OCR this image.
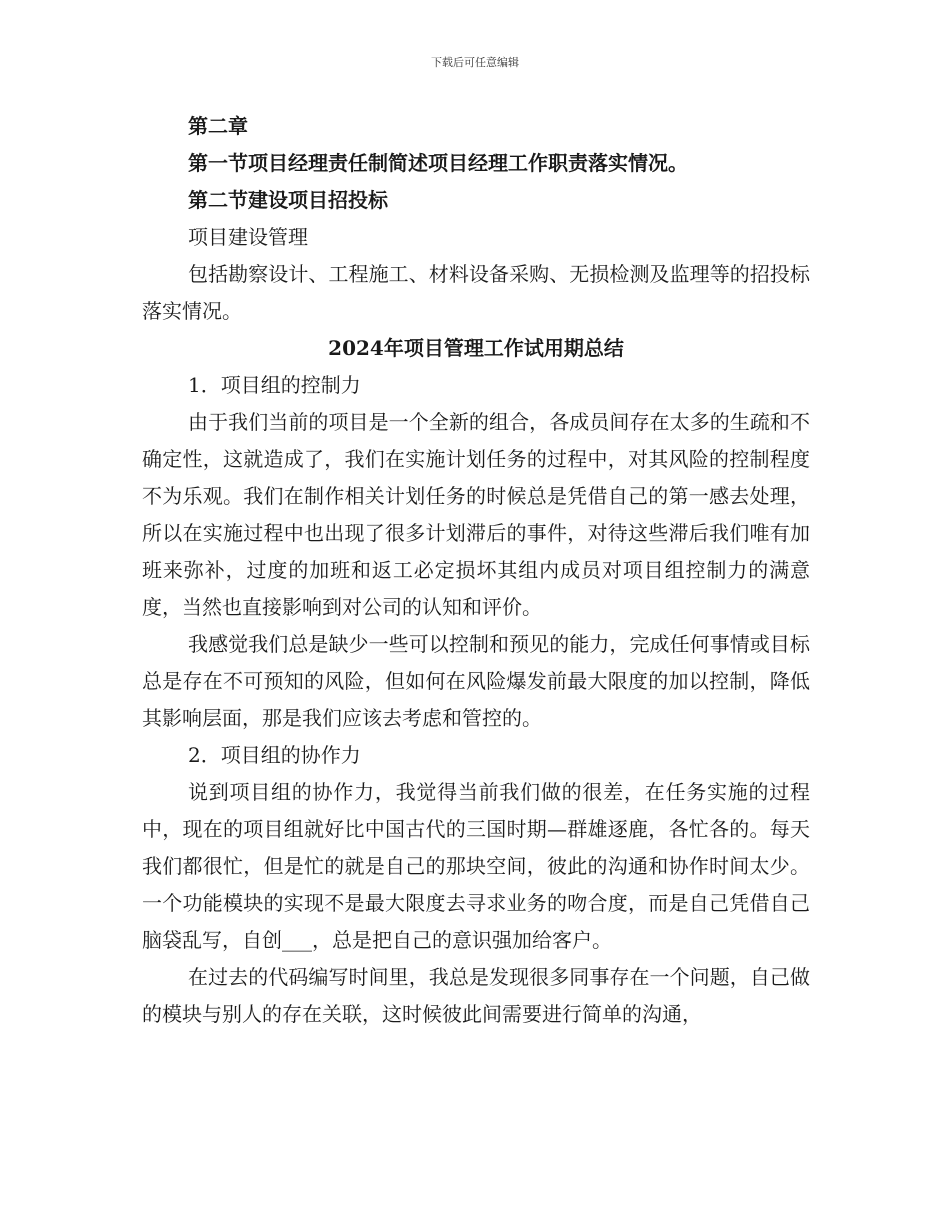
下载后可任意编辑

第二章

第一节项目经理责任制简述项目经理工作职责落实情况。

第二节建设项目招投标

项目建设管理

包括勘察设计、工程施工、材料设备采购、无损检测及监理等的招投标落实情况。

2024年项目管理工作试用期总结

1．项目组的控制力

由于我们当前的项目是一个全新的组合，各成员间存在太多的生疏和不确定性，这就造成了，我们在实施计划任务的过程中，对其风险的控制程度不为乐观。我们在制作相关计划任务的时候总是凭借自己的第一感去处理，所以在实施过程中也出现了很多计划滞后的事件，对待这些滞后我们唯有加班来弥补，过度的加班和返工必定损坏其组内成员对项目组控制力的满意度，当然也直接影响到对公司的认知和评价。

我感觉我们总是缺少一些可以控制和预见的能力，完成任何事情或目标总是存在不可预知的风险，但如何在风险爆发前最大限度的加以控制，降低其影响层面，那是我们应该去考虑和管控的。

2．项目组的协作力

说到项目组的协作力，我觉得当前我们做的很差，在任务实施的过程中，现在的项目组就好比中国古代的三国时期—群雄逐鹿，各忙各的。每天我们都很忙，但是忙的就是自己的那块空间，彼此的沟通和协作时间太少。一个功能模块的实现不是最大限度去寻求业务的吻合度，而是自己凭借自己脑袋乱写，自创___，总是把自己的意识强加给客户。

在过去的代码编写时间里，我总是发现很多同事存在一个问题，自己做的模块与别人的存在关联，这时候彼此间需要进行简单的沟通，
